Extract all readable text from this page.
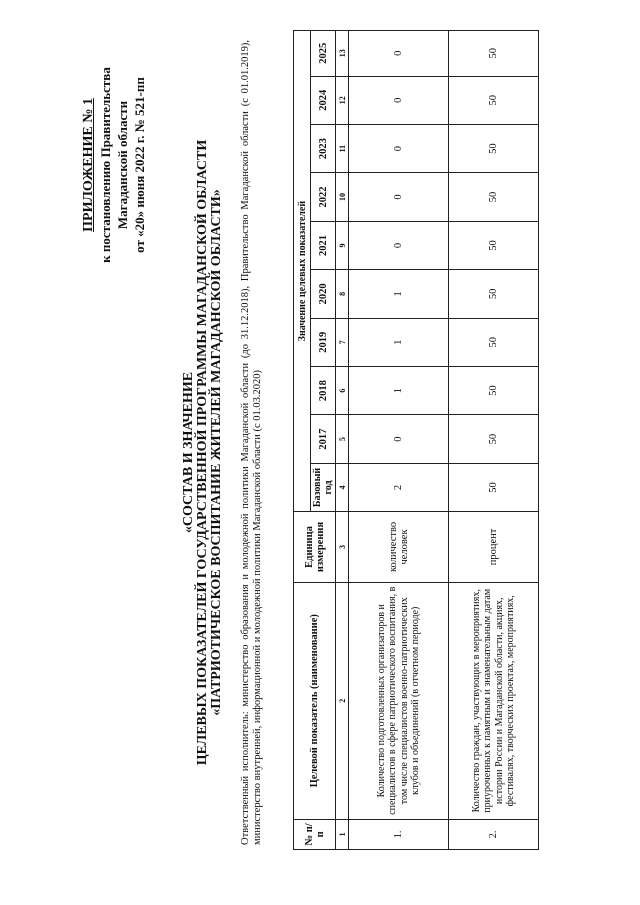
ПРИЛОЖЕНИЕ № 1 к постановлению Правительства Магаданской области от «20» июня 2022 г. № 521-пп
«СОСТАВ И ЗНАЧЕНИЕ ЦЕЛЕВЫХ ПОКАЗАТЕЛЕЙ ГОСУДАРСТВЕННОЙ ПРОГРАММЫ МАГАДАНСКОЙ ОБЛАСТИ «ПАТРИОТИЧЕСКОЕ ВОСПИТАНИЕ ЖИТЕЛЕЙ МАГАДАНСКОЙ ОБЛАСТИ» Ответственный исполнитель: министерство образования и молодежной политики Магаданской области (до 31.12.2018), Правительство Магаданской области (с 01.01.2019), министерство внутренней, информационной и молодежной политики Магаданской области (с 01.03.2020)	№ п/п	Целевой показатель (наименование)	Единица измерения	Значение целевых показателей									
			Базовый год	2017	2018	2019	2020	2021	2022	2023	2024	2025
1	2	3	4	5	6	7	8	9	10	11	12	13
1.	Количество подготовленных организаторов и специалистов в сфере патриотического воспитания, в том числе специалистов военно-патриотических клубов и объединений (в отчетном периоде)	количество человек	2	0	1	1	1	0	0	0	0	0
2.	Количество граждан, участвующих в мероприятиях, приуроченных к памятным и знаменательным датам истории России и Магаданской области, акциях, фестивалях, творческих проектах, мероприятиях,	процент	50	50	50	50	50	50	50	50	50	50
